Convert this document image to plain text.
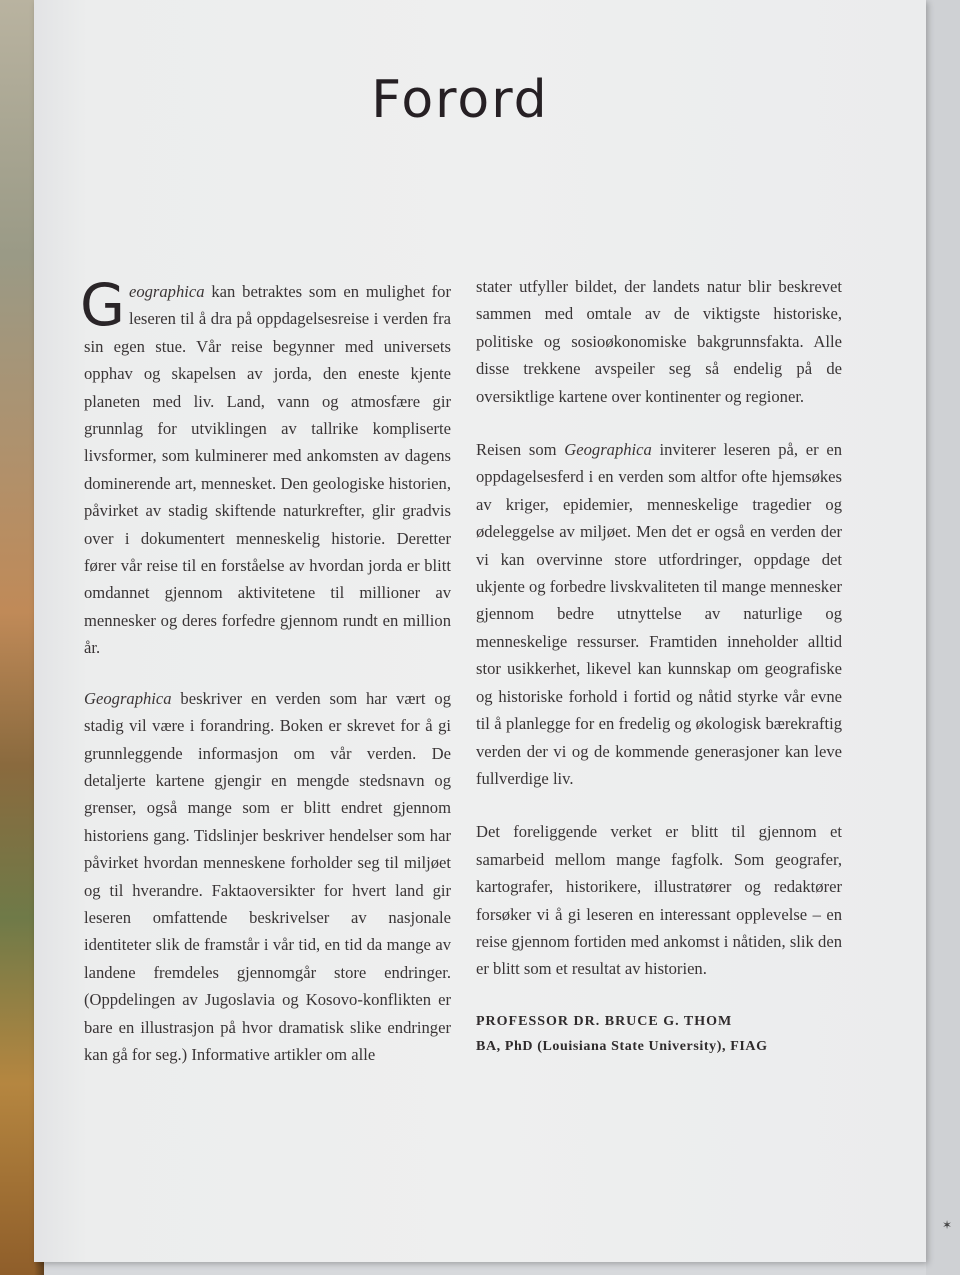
Forord

Geographica kan betraktes som en mulighet for leseren til å dra på oppdagelsesreise i verden fra sin egen stue. Vår reise begynner med universets opphav og skapelsen av jorda, den eneste kjente planeten med liv. Land, vann og atmosfære gir grunnlag for utviklingen av tallrike kompliserte livsformer, som kulminerer med ankomsten av dagens dominerende art, mennesket. Den geologiske historien, påvirket av stadig skiftende naturkrefter, glir gradvis over i dokumentert menneskelig historie. Deretter fører vår reise til en forståelse av hvordan jorda er blitt omdannet gjennom aktivitetene til millioner av mennesker og deres forfedre gjennom rundt en million år.

Geographica beskriver en verden som har vært og stadig vil være i forandring. Boken er skrevet for å gi grunnleggende informasjon om vår verden. De detaljerte kartene gjengir en mengde stedsnavn og grenser, også mange som er blitt endret gjennom historiens gang. Tidslinjer beskriver hendelser som har påvirket hvordan menneskene forholder seg til miljøet og til hverandre. Faktaoversikter for hvert land gir leseren omfattende beskrivelser av nasjonale identiteter slik de framstår i vår tid, en tid da mange av landene fremdeles gjennomgår store endringer. (Oppdelingen av Jugoslavia og Kosovo-konflikten er bare en illustrasjon på hvor dramatisk slike endringer kan gå for seg.) Informative artikler om alle

stater utfyller bildet, der landets natur blir beskrevet sammen med omtale av de viktigste historiske, politiske og sosioøkonomiske bakgrunnsfakta. Alle disse trekkene avspeiler seg så endelig på de oversiktlige kartene over kontinenter og regioner.

Reisen som Geographica inviterer leseren på, er en oppdagelsesferd i en verden som altfor ofte hjemsøkes av kriger, epidemier, menneskelige tragedier og ødeleggelse av miljøet. Men det er også en verden der vi kan overvinne store utfordringer, oppdage det ukjente og forbedre livskvaliteten til mange mennesker gjennom bedre utnyttelse av naturlige og menneskelige ressurser. Framtiden inneholder alltid stor usikkerhet, likevel kan kunnskap om geografiske og historiske forhold i fortid og nåtid styrke vår evne til å planlegge for en fredelig og økologisk bærekraftig verden der vi og de kommende generasjoner kan leve fullverdige liv.

Det foreliggende verket er blitt til gjennom et samarbeid mellom mange fagfolk. Som geografer, kartografer, historikere, illustratører og redaktører forsøker vi å gi leseren en interessant opplevelse – en reise gjennom fortiden med ankomst i nåtiden, slik den er blitt som et resultat av historien.

PROFESSOR DR. BRUCE G. THOM
BA, PhD (Louisiana State University), FIAG
✶
